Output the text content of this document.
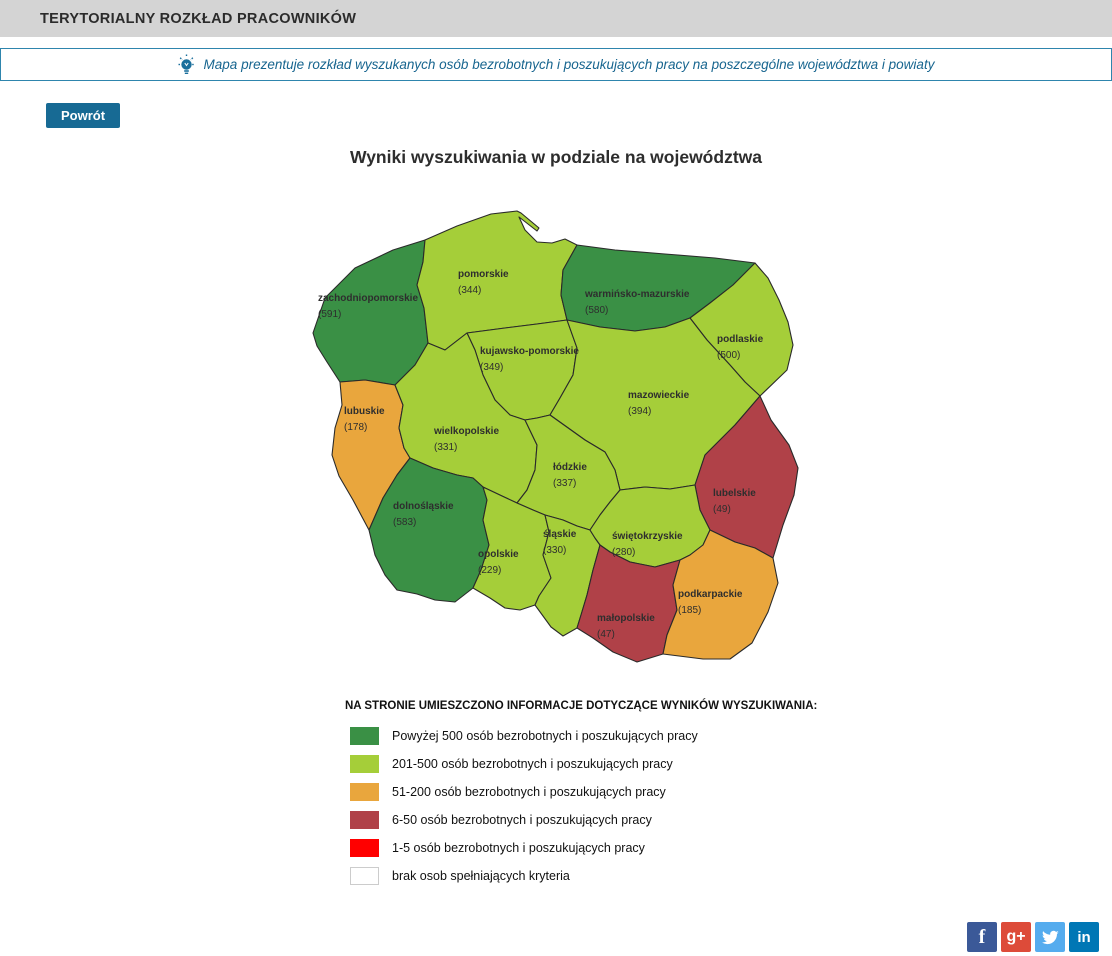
TERYTORIALNY ROZKŁAD PRACOWNIKÓW
Mapa prezentuje rozkład wyszukanych osób bezrobotnych i poszukujących pracy na poszczególne województwa i powiaty
Powrót
Wyniki wyszukiwania w podziale na województwa
zachodniopomorskie
(591)
pomorskie
(344)	warmińsko-mazurskie
(580)
podlaskie
(500)
kujawsko-pomorskie
(349)
mazowieckie
(394)
lubuskie
(178)	wielkopolskie
(331)
łódzkie
(337)
lubelskie
(49)
dolnośląskie
(583)
opolskie
(229)
śląskie
(330)
świętokrzyskie
(280)
małopolskie
(47)
podkarpackie
(185)
NA STRONIE UMIESZCZONO INFORMACJE DOTYCZĄCE WYNIKÓW WYSZUKIWANIA:
Powyżej 500 osób bezrobotnych i poszukujących pracy
201-500 osób bezrobotnych i poszukujących pracy
51-200 osób bezrobotnych i poszukujących pracy
6-50 osób bezrobotnych i poszukujących pracy
1-5 osób bezrobotnych i poszukujących pracy
brak osob spełniających kryteria
f g+	in
